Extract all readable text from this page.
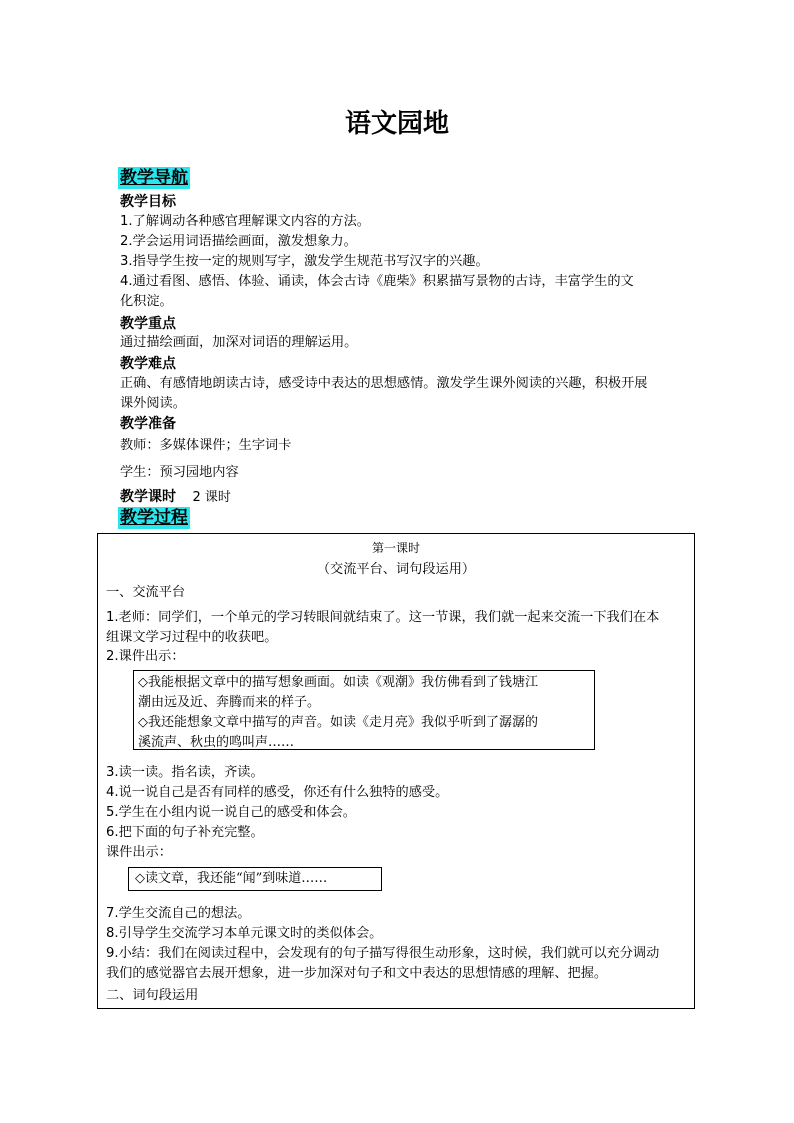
语文园地
教学导航
教学目标
1.了解调动各种感官理解课文内容的方法。
2.学会运用词语描绘画面，激发想象力。
3.指导学生按一定的规则写字，激发学生规范书写汉字的兴趣。
4.通过看图、感悟、体验、诵读，体会古诗《鹿柴》积累描写景物的古诗，丰富学生的文
化积淀。
教学重点
通过描绘画面，加深对词语的理解运用。
教学难点
正确、有感情地朗读古诗，感受诗中表达的思想感情。激发学生课外阅读的兴趣，积极开展
课外阅读。
教学准备
教师：多媒体课件；生字词卡
学生：预习园地内容
教学课时 2 课时
教学过程
第一课时
（交流平台、词句段运用）
一、交流平台
1.老师：同学们，一个单元的学习转眼间就结束了。这一节课，我们就一起来交流一下我们在本
组课文学习过程中的收获吧。
2.课件出示：
◇我能根据文章中的描写想象画面。如读《观潮》我仿佛看到了钱塘江
潮由远及近、奔腾而来的样子。
◇我还能想象文章中描写的声音。如读《走月亮》我似乎听到了潺潺的
溪流声、秋虫的鸣叫声……
3.读一读。指名读，齐读。
4.说一说自己是否有同样的感受，你还有什么独特的感受。
5.学生在小组内说一说自己的感受和体会。
6.把下面的句子补充完整。
课件出示：
◇读文章，我还能“闻”到味道……
7.学生交流自己的想法。
8.引导学生交流学习本单元课文时的类似体会。
9.小结：我们在阅读过程中，会发现有的句子描写得很生动形象，这时候，我们就可以充分调动
我们的感觉器官去展开想象，进一步加深对句子和文中表达的思想情感的理解、把握。
二、词句段运用
